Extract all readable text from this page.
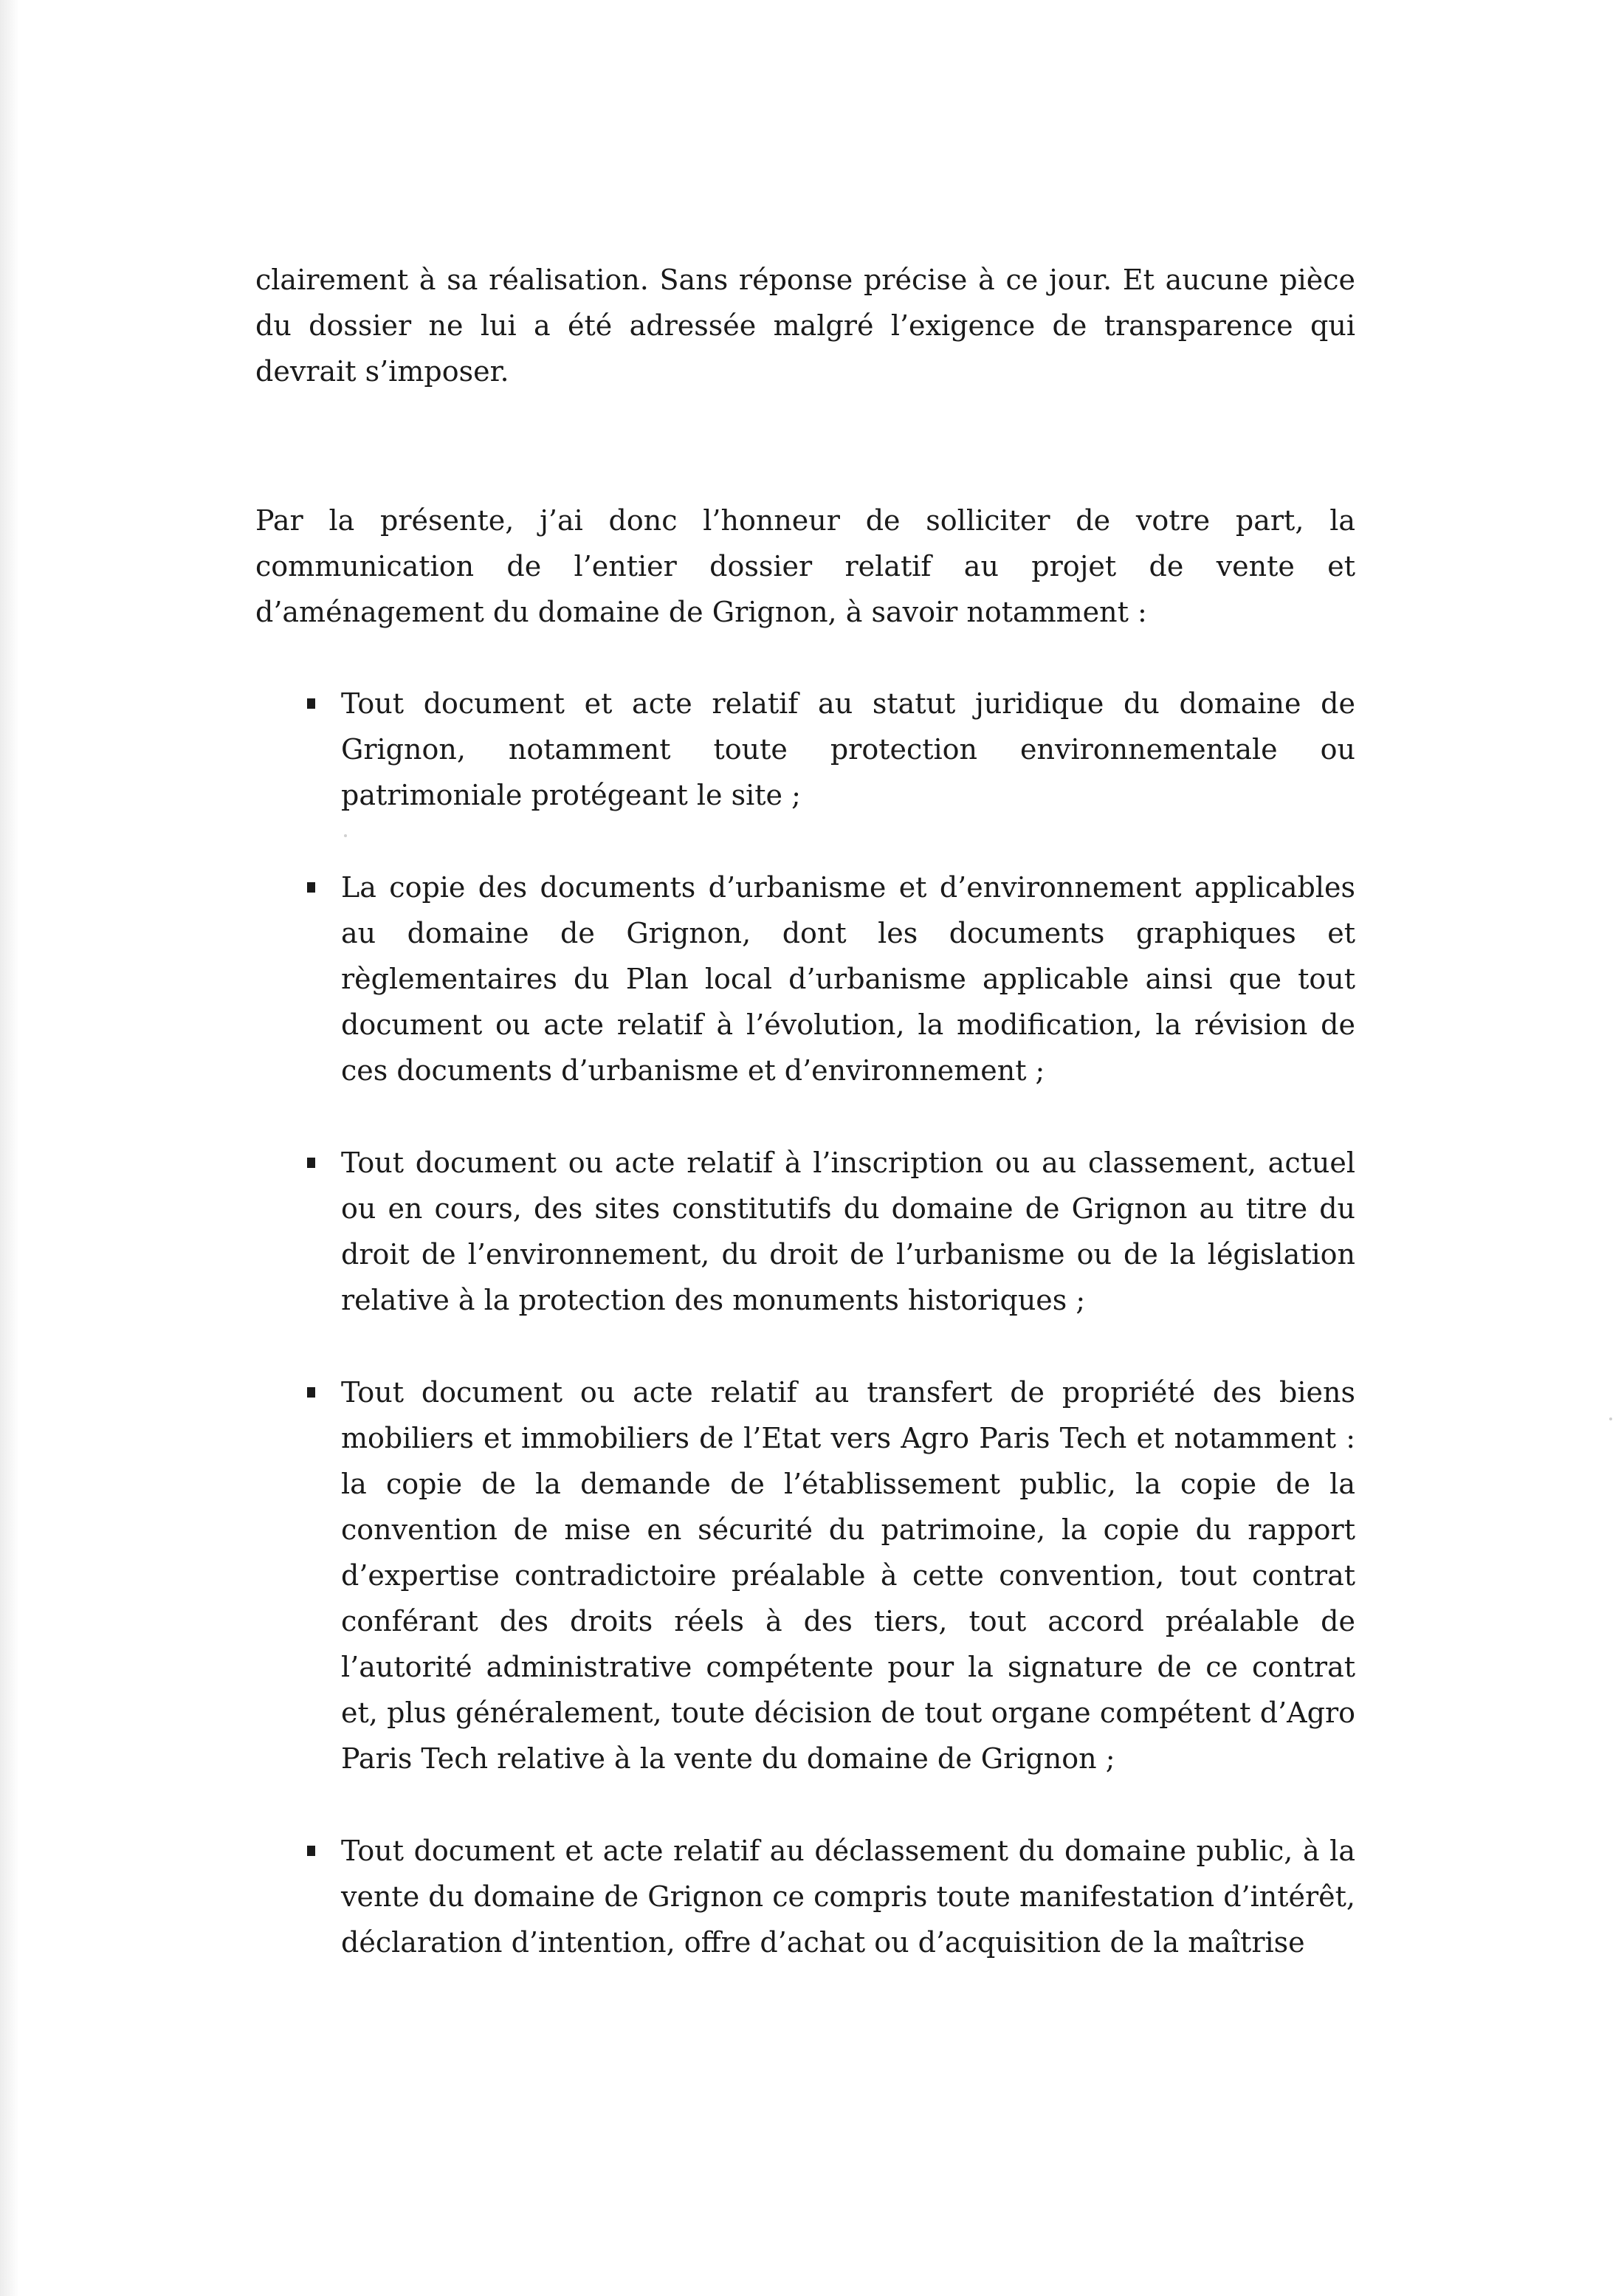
clairement à sa réalisation. Sans réponse précise à ce jour. Et aucune pièce du dossier ne lui a été adressée malgré l’exigence de transparence qui devrait s’imposer.

Par la présente, j’ai donc l’honneur de solliciter de votre part, la communication de l’entier dossier relatif au projet de vente et d’aménagement du domaine de Grignon, à savoir notamment :

Tout document et acte relatif au statut juridique du domaine de Grignon, notamment toute protection environnementale ou patrimoniale protégeant le site ;
La copie des documents d’urbanisme et d’environnement applicables au domaine de Grignon, dont les documents graphiques et règlementaires du Plan local d’urbanisme applicable ainsi que tout document ou acte relatif à l’évolution, la modification, la révision de ces documents d’urbanisme et d’environnement ;
Tout document ou acte relatif à l’inscription ou au classement, actuel ou en cours, des sites constitutifs du domaine de Grignon au titre du droit de l’environnement, du droit de l’urbanisme ou de la législation relative à la protection des monuments historiques ;
Tout document ou acte relatif au transfert de propriété des biens mobiliers et immobiliers de l’Etat vers Agro Paris Tech et notamment : la copie de la demande de l’établissement public, la copie de la convention de mise en sécurité du patrimoine, la copie du rapport d’expertise contradictoire préalable à cette convention, tout contrat conférant des droits réels à des tiers, tout accord préalable de l’autorité administrative compétente pour la signature de ce contrat et, plus généralement, toute décision de tout organe compétent d’Agro Paris Tech relative à la vente du domaine de Grignon ;
Tout document et acte relatif au déclassement du domaine public, à la vente du domaine de Grignon ce compris toute manifestation d’intérêt, déclaration d’intention, offre d’achat ou d’acquisition de la maîtrise
